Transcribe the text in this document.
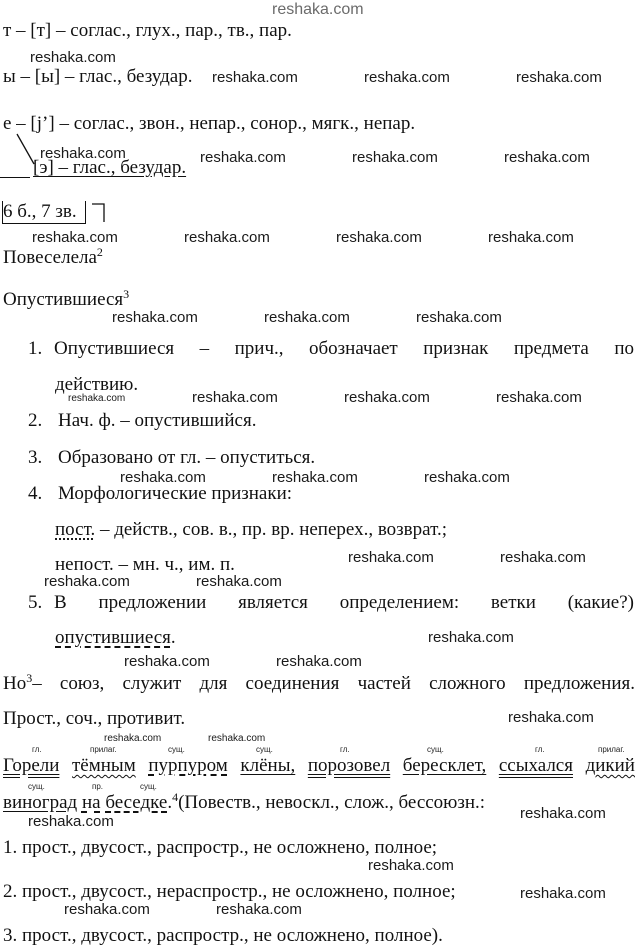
reshaka.com
т – [т] – соглас., глух., пар., тв., пар.
ы – [ы] – глас., безудар.
е – [j’] – соглас., звон., непар., сонор., мягк., непар.
[э] – глас., безудар.
6 б., 7 зв.
Повеселела$^2$
Опустившиеся$^3$
1. Опустившиеся – прич., обозначает признак предмета по
действию.
2. Нач. ф. – опустившийся.
3. Образовано от гл. – опуститься.
4. Морфологические признаки:
пост. – действ., сов. в., пр. вр. неперех., возврат.;
непост. – мн. ч., им. п.
5. В предложении является определением: ветки (какие?)
опустившиеся.
$Но^3$ – союз, служит для соединения частей сложного предложения.
Прост., соч., противит.
гл.	прилаг.	сущ.	сущ.	гл.	сущ.	гл.	прилаг.
Горели тёмным пурпуром клёны, порозовел бересклет, ссыхался дикий
сущ.	пр.	сущ.
виноград на беседке.$^4$(Повеств., невоскл., слож., бессоюзн.:
1. прост., двусост., распростр., не осложнено, полное;
2. прост., двусост., нераспростр., не осложнено, полное;
3. прост., двусост., распростр., не осложнено, полное).
reshaka.com
reshaka.com	reshaka.com	reshaka.com
reshaka.com	reshaka.com	reshaka.com	reshaka.com
reshaka.com	reshaka.com	reshaka.com	reshaka.com
reshaka.com	reshaka.com	reshaka.com
reshaka.com	reshaka.com	reshaka.com	reshaka.com
reshaka.com	reshaka.com	reshaka.com
reshaka.com	reshaka.com
reshaka.com	reshaka.com
reshaka.com
reshaka.com	reshaka.com
reshaka.com
reshaka.com	reshaka.com
reshaka.com	reshaka.com
reshaka.com
reshaka.com
reshaka.com	reshaka.com
